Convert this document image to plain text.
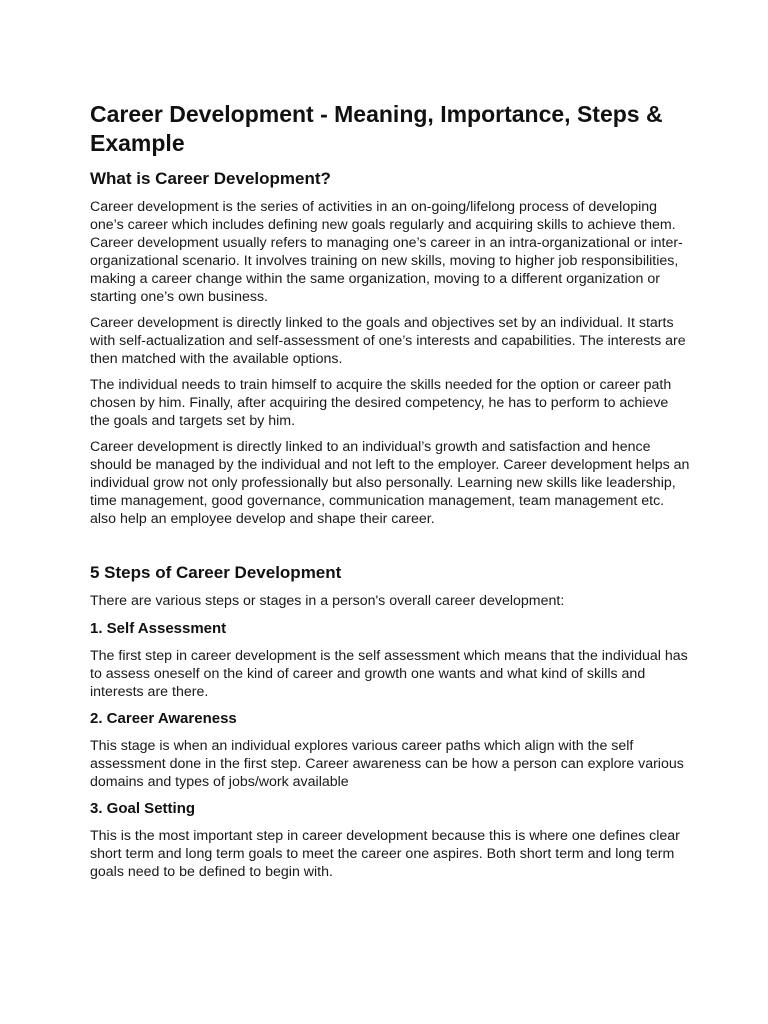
Career Development - Meaning, Importance, Steps & Example
What is Career Development?

Career development is the series of activities in an on-going/lifelong process of developing one’s career which includes defining new goals regularly and acquiring skills to achieve them. Career development usually refers to managing one’s career in an intra-organizational or inter-organizational scenario. It involves training on new skills, moving to higher job responsibilities, making a career change within the same organization, moving to a different organization or starting one’s own business.

Career development is directly linked to the goals and objectives set by an individual. It starts with self-actualization and self-assessment of one’s interests and capabilities. The interests are then matched with the available options.

The individual needs to train himself to acquire the skills needed for the option or career path chosen by him. Finally, after acquiring the desired competency, he has to perform to achieve the goals and targets set by him.

Career development is directly linked to an individual’s growth and satisfaction and hence should be managed by the individual and not left to the employer. Career development helps an individual grow not only professionally but also personally. Learning new skills like leadership, time management, good governance, communication management, team management etc. also help an employee develop and shape their career.

5 Steps of Career Development

There are various steps or stages in a person's overall career development:

1. Self Assessment

The first step in career development is the self assessment which means that the individual has to assess oneself on the kind of career and growth one wants and what kind of skills and interests are there.

2. Career Awareness

This stage is when an individual explores various career paths which align with the self assessment done in the first step. Career awareness can be how a person can explore various domains and types of jobs/work available

3. Goal Setting

This is the most important step in career development because this is where one defines clear short term and long term goals to meet the career one aspires. Both short term and long term goals need to be defined to begin with.
